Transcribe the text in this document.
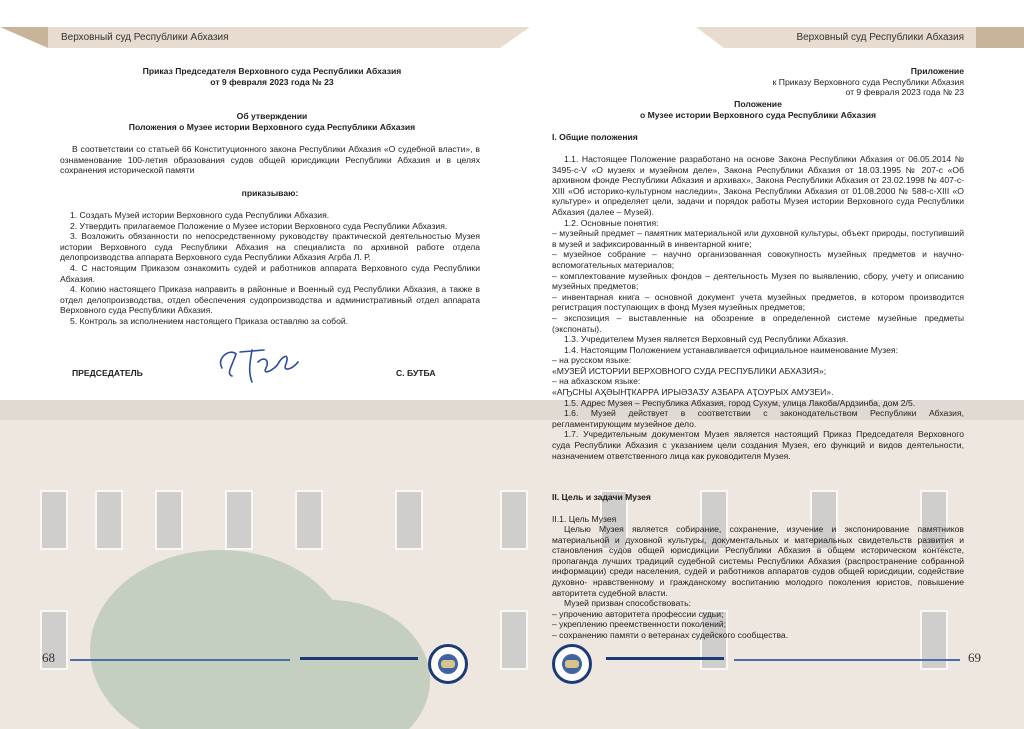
Верховный суд Республики Абхазия
Приказ Председателя Верховного суда Республики Абхазия
от 9 февраля 2023 года № 23
Об утверждении
Положения о Музее истории Верховного суда Республики Абхазия
В соответствии со статьей 66 Конституционного закона Республики Абхазия «О судебной власти», в ознаменование 100-летия образования судов общей юрисдикции Республики Абхазия и в целях сохранения исторической памяти
приказываю:
1. Создать Музей истории Верховного суда Республики Абхазия.
2. Утвердить прилагаемое Положение о Музее истории Верховного суда Республики Абхазия.
3. Возложить обязанности по непосредственному руководству практической деятельностью Музея истории Верховного суда Республики Абхазия на специалиста по архивной работе отдела делопроизводства аппарата Верховного суда Республики Абхазия Агрба Л. Р.
4. С настоящим Приказом ознакомить судей и работников аппарата Верховного суда Республики Абхазия.
4. Копию настоящего Приказа направить в районные и Военный суд Республики Абхазия, а также в отдел делопроизводства, отдел обеспечения судопроизводства и административный отдел аппарата Верховного суда Республики Абхазия.
5. Контроль за исполнением настоящего Приказа оставляю за собой.
ПРЕДСЕДАТЕЛЬ	С. БУТБА
68
Верховный суд Республики Абхазия
Приложение
к Приказу Верховного суда Республики Абхазия
от 9 февраля 2023 года № 23
Положение
о Музее истории Верховного суда Республики Абхазия
I. Общие положения
1.1. Настоящее Положение разработано на основе Закона Республики Абхазия от 06.05.2014 № 3495-с-V «О музеях и музейном деле», Закона Республики Абхазия от 18.03.1995 № 207-с «Об архивном фонде Республики Абхазия и архивах», Закона Республики Абхазия от 23.02.1998 № 407-с-XIII «Об историко-культурном наследии», Закона Республики Абхазия от 01.08.2000 № 588-с-XIII «О культуре» и определяет цели, задачи и порядок работы Музея истории Верховного суда Республики Абхазия (далее – Музей).
1.2. Основные понятия:
– музейный предмет – памятник материальной или духовной культуры, объект природы, поступивший в музей и зафиксированный в инвентарной книге;
– музейное собрание – научно организованная совокупность музейных предметов и научно-вспомогательных материалов;
– комплектование музейных фондов – деятельность Музея по выявлению, сбору, учету и описанию музейных предметов;
– инвентарная книга – основной документ учета музейных предметов, в котором производится регистрация поступающих в фонд Музея музейных предметов;
– экспозиция – выставленные на обозрение в определенной системе музейные предметы (экспонаты).
1.3. Учредителем Музея является Верховный суд Республики Абхазия.
1.4. Настоящим Положением устанавливается официальное наименование Музея:
– на русском языке:
«МУЗЕЙ ИСТОРИИ ВЕРХОВНОГО СУДА РЕСПУБЛИКИ АБХАЗИЯ»;
– на абхазском языке:
«АҦСНЫ АҲӘЫНҬКАРРА ИРЫӘЗАӠУ АЗБАРА АҬОУРЫХ АМУЗЕИ».
1.5. Адрес Музея – Республика Абхазия, город Сухум, улица Лакоба/Ардзинба, дом 2/5.
1.6. Музей действует в соответствии с законодательством Республики Абхазия, регламентирующим музейное дело.
1.7. Учредительным документом Музея является настоящий Приказ Председателя Верховного суда Республики Абхазия с указанием цели создания Музея, его функций и видов деятельности, назначением ответственного лица как руководителя Музея.
II. Цель и задачи Музея
II.1. Цель Музея
Целью Музея является собирание, сохранение, изучение и экспонирование памятников материальной и духовной культуры, документальных и материальных свидетельств развития и становления судов общей юрисдикции Республики Абхазия в общем историческом контексте, пропаганда лучших традиций судебной системы Республики Абхазия (распространение собранной информации) среди населения, судей и работников аппаратов судов общей юрисдиции, содействие духовно- нравственному и гражданскому воспитанию молодого поколения юристов, повышение авторитета судебной власти.
Музей призван способствовать:
– упрочению авторитета профессии судьи;
– укреплению преемственности поколений;
– сохранению памяти о ветеранах судейского сообщества.
69
